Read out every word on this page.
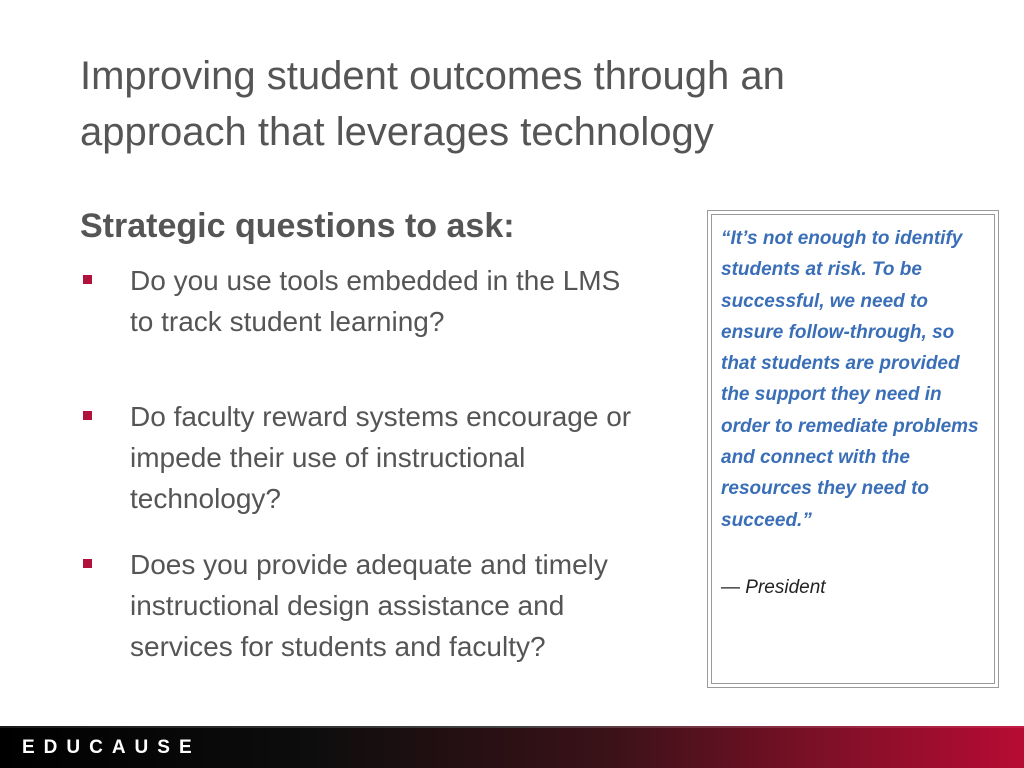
Improving student outcomes through an approach that leverages technology
Strategic questions to ask:
Do you use tools embedded in the LMS to track student learning?
Do faculty reward systems encourage or impede their use of instructional technology?
Does you provide adequate and timely instructional design assistance and services for students and faculty?

“It’s not enough to identify students at risk. To be successful, we need to ensure follow-through, so that students are provided the support they need in order to remediate problems and connect with the resources they need to succeed.”

— President

EDUCAUSE
